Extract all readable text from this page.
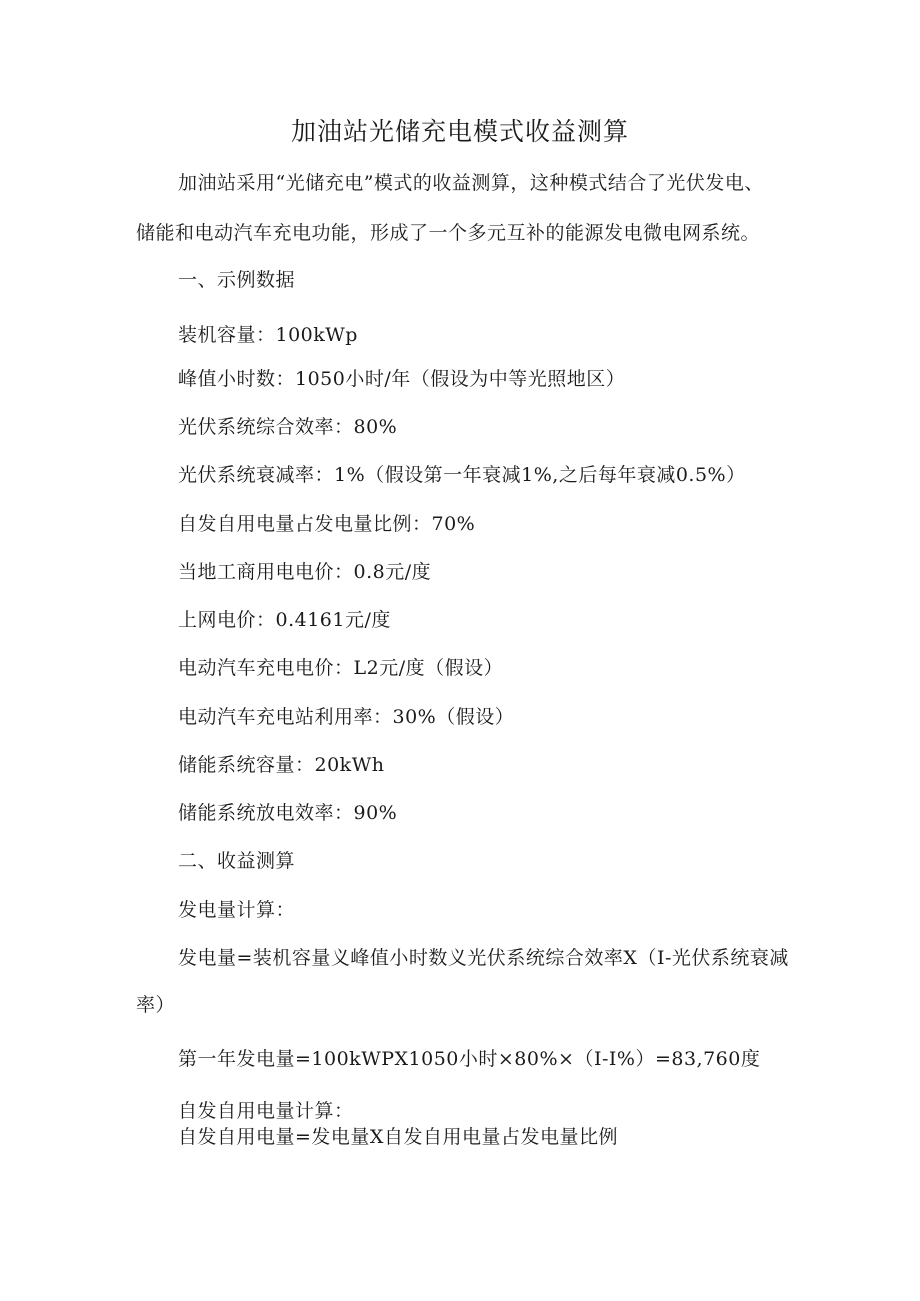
加油站光储充电模式收益测算

加油站采用“光储充电”模式的收益测算，这种模式结合了光伏发电、

储能和电动汽车充电功能，形成了一个多元互补的能源发电微电网系统。

一、示例数据

装机容量：100kWp

峰值小时数：1050小时/年（假设为中等光照地区）

光伏系统综合效率：80%

光伏系统衰减率：1%（假设第一年衰减1%,之后每年衰减0.5%）

自发自用电量占发电量比例：70%

当地工商用电电价：0.8元/度

上网电价：0.4161元/度

电动汽车充电电价：L2元/度（假设）

电动汽车充电站利用率：30%（假设）

储能系统容量：20kWh

储能系统放电效率：90%

二、收益测算

发电量计算：

发电量=装机容量义峰值小时数义光伏系统综合效率X（I-光伏系统衰减

率）

第一年发电量=100kWPX1050小时×80%×（I-I%）=83,760度

自发自用电量计算：

自发自用电量=发电量X自发自用电量占发电量比例
